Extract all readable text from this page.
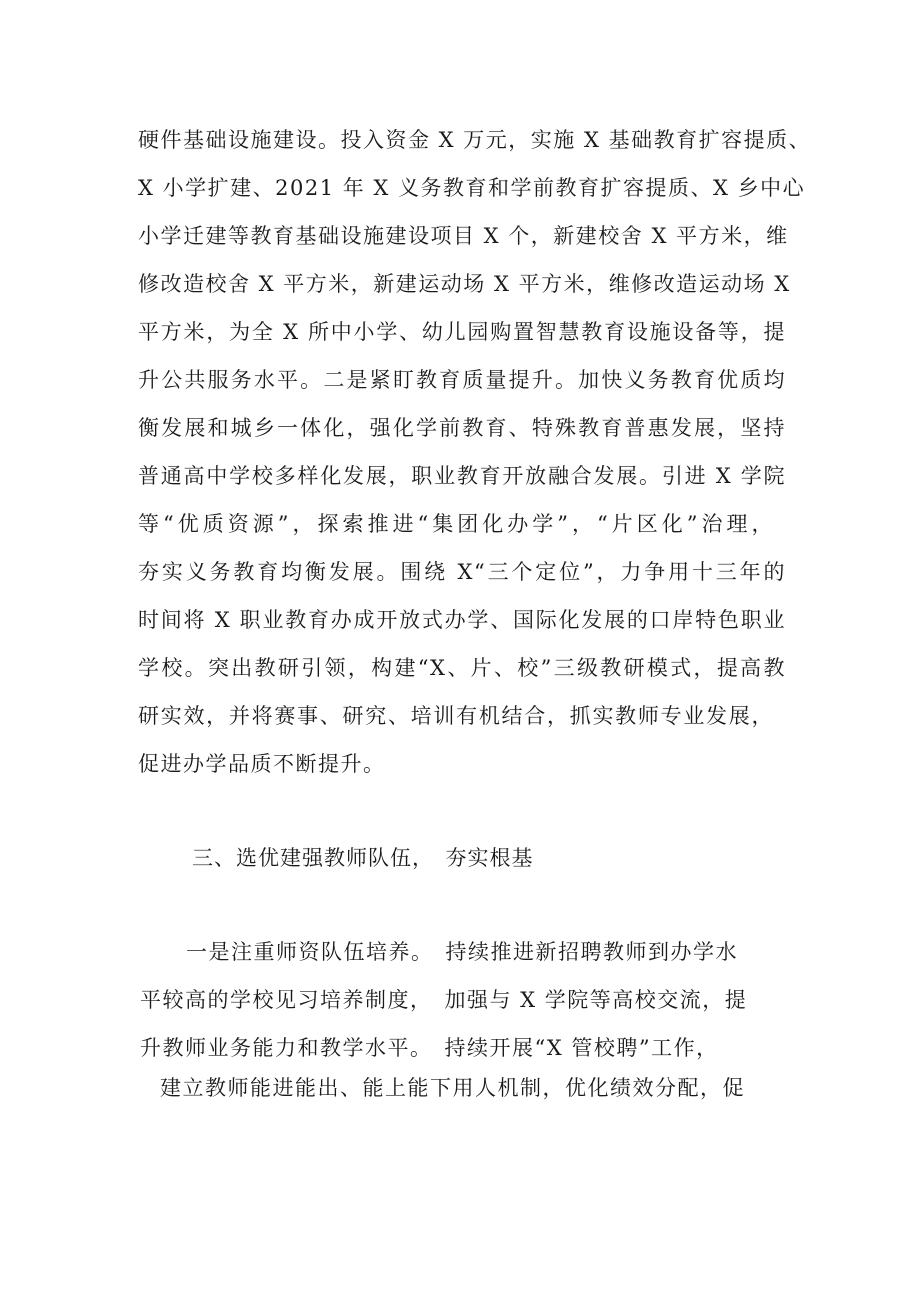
硬件基础设施建设。投入资金 X 万元，实施 X 基础教育扩容提质、
X 小学扩建、2021 年 X 义务教育和学前教育扩容提质、X 乡中心
小学迁建等教育基础设施建设项目 X 个，新建校舍 X 平方米，维
修改造校舍 X 平方米，新建运动场 X 平方米，维修改造运动场 X
平方米，为全 X 所中小学、幼儿园购置智慧教育设施设备等，提
升公共服务水平。二是紧盯教育质量提升。加快义务教育优质均
衡发展和城乡一体化，强化学前教育、特殊教育普惠发展，坚持
普通高中学校多样化发展，职业教育开放融合发展。引进 X 学院
等“优质资源”，探索推进“集团化办学”，“片区化”治理，
夯实义务教育均衡发展。围绕 X“三个定位”，力争用十三年的
时间将 X 职业教育办成开放式办学、国际化发展的口岸特色职业
学校。突出教研引领，构建“X、片、校”三级教研模式，提高教
研实效，并将赛事、研究、培训有机结合，抓实教师专业发展，
促进办学品质不断提升。
三、选优建强教师队伍，　夯实根基
一是注重师资队伍培养。　持续推进新招聘教师到办学水
平较高的学校见习培养制度，　加强与 X 学院等高校交流，提
升教师业务能力和教学水平。　持续开展“X 管校聘”工作，
建立教师能进能出、能上能下用人机制，优化绩效分配，促
